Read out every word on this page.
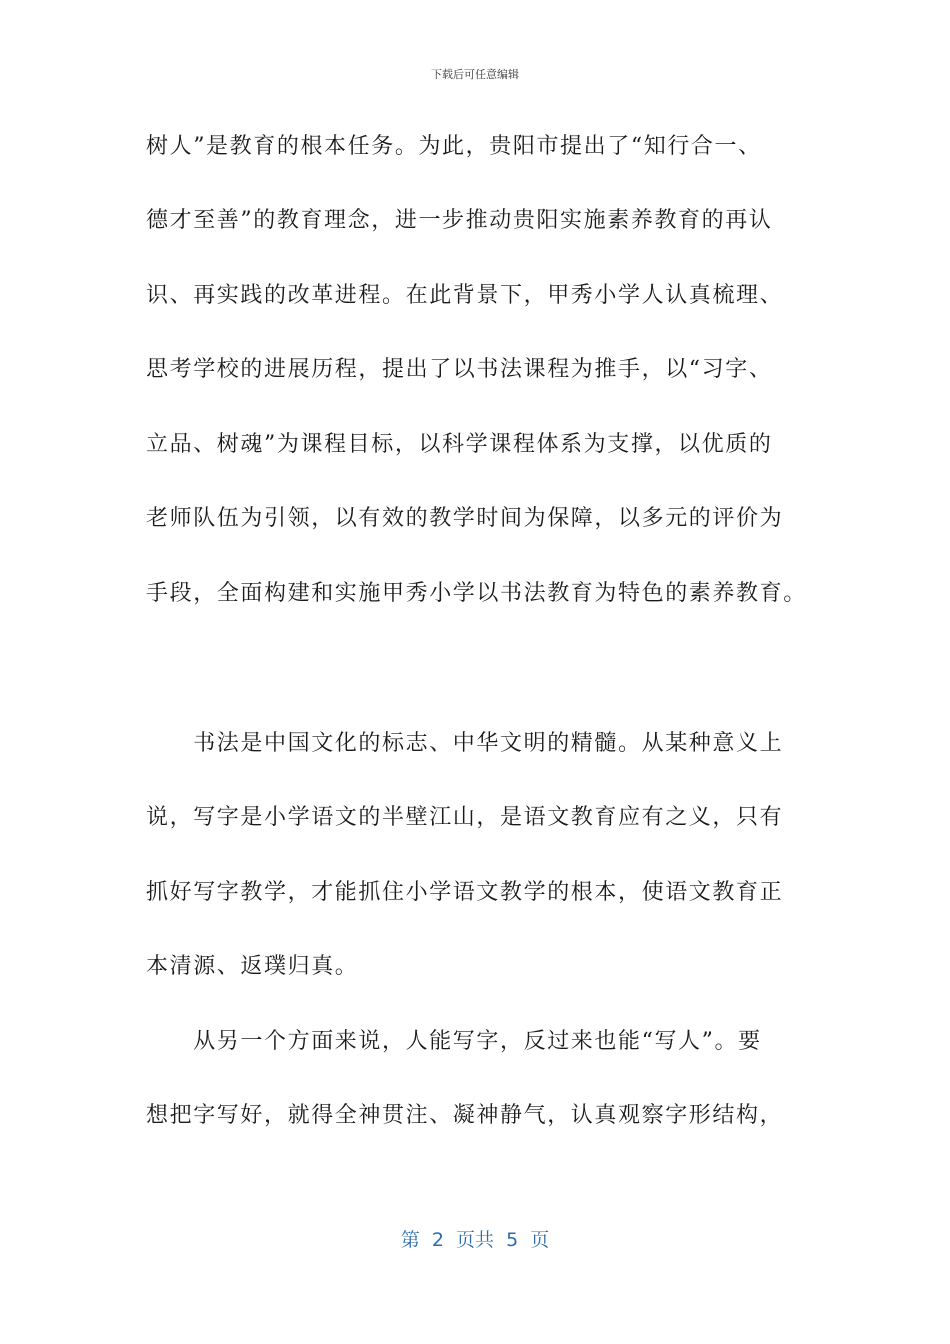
下载后可任意编辑
树人”是教育的根本任务。为此，贵阳市提出了“知行合一、
德才至善”的教育理念，进一步推动贵阳实施素养教育的再认
识、再实践的改革进程。在此背景下，甲秀小学人认真梳理、
思考学校的进展历程，提出了以书法课程为推手，以“习字、
立品、树魂”为课程目标，以科学课程体系为支撑，以优质的
老师队伍为引领，以有效的教学时间为保障，以多元的评价为
手段，全面构建和实施甲秀小学以书法教育为特色的素养教育。
　　书法是中国文化的标志、中华文明的精髓。从某种意义上
说，写字是小学语文的半壁江山，是语文教育应有之义，只有
抓好写字教学，才能抓住小学语文教学的根本，使语文教育正
本清源、返璞归真。
　　从另一个方面来说，人能写字，反过来也能“写人”。要
想把字写好，就得全神贯注、凝神静气，认真观察字形结构，
第  2  页共  5  页
